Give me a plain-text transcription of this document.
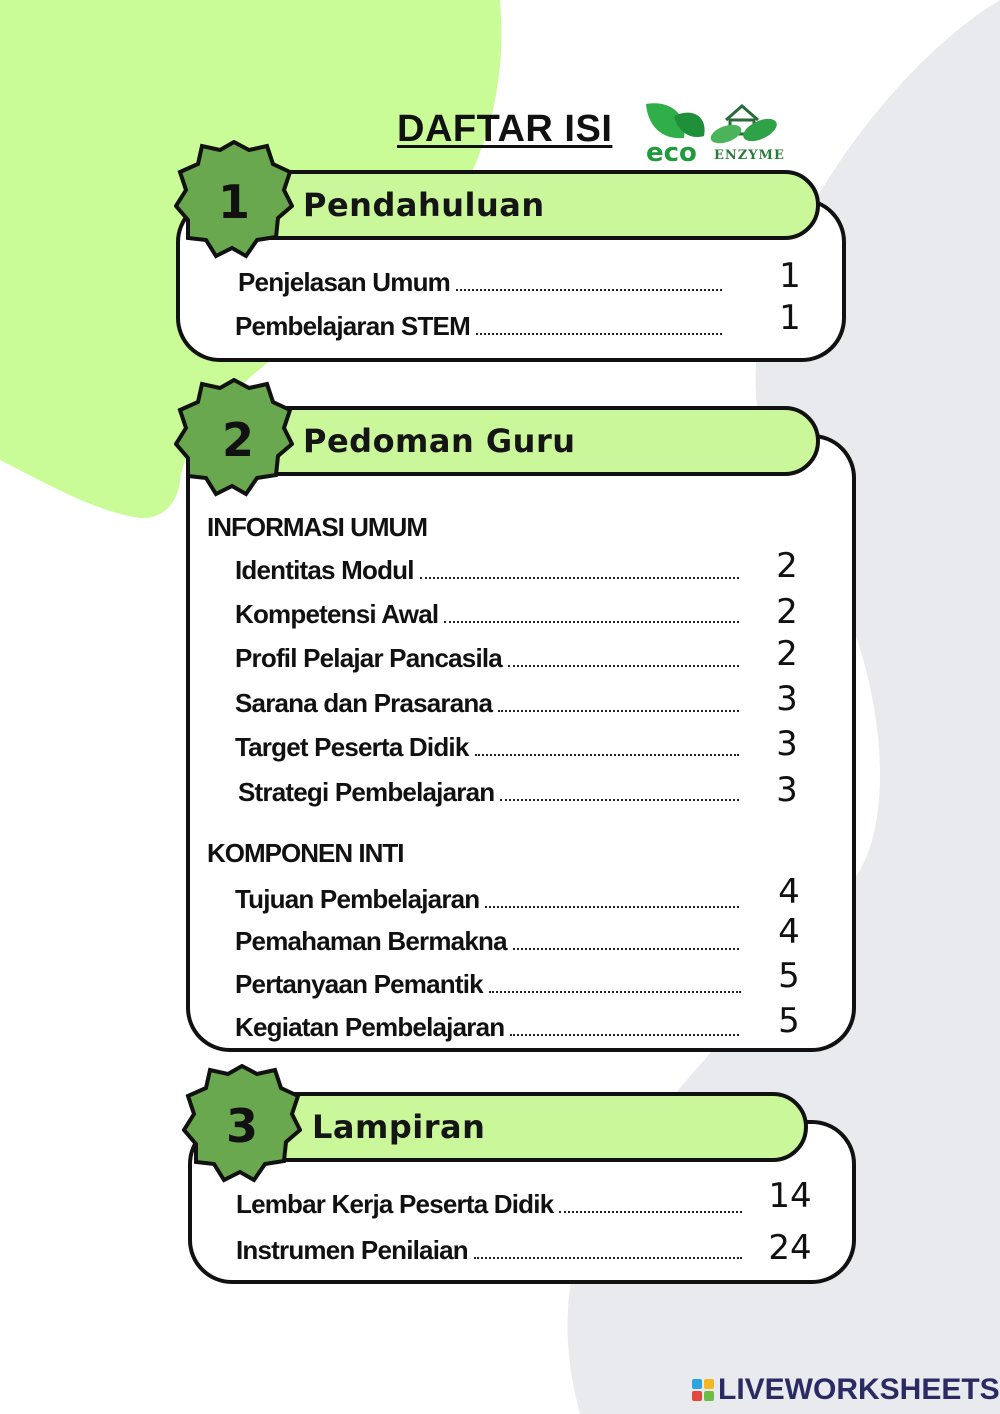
DAFTAR ISI
eco ENZYME
1	Pendahuluan
Penjelasan Umum	1
Pembelajaran STEM	1
2	Pedoman Guru
INFORMASI UMUM
Identitas Modul	2
Kompetensi Awal	2
Profil Pelajar Pancasila	2
Sarana dan Prasarana	3
Target Peserta Didik	3
Strategi Pembelajaran	3
KOMPONEN INTI
Tujuan Pembelajaran	4
Pemahaman Bermakna	4
Pertanyaan Pemantik	5
Kegiatan Pembelajaran	5
3	Lampiran
Lembar Kerja Peserta Didik	14
Instrumen Penilaian	24
LIVEWORKSHEETS
